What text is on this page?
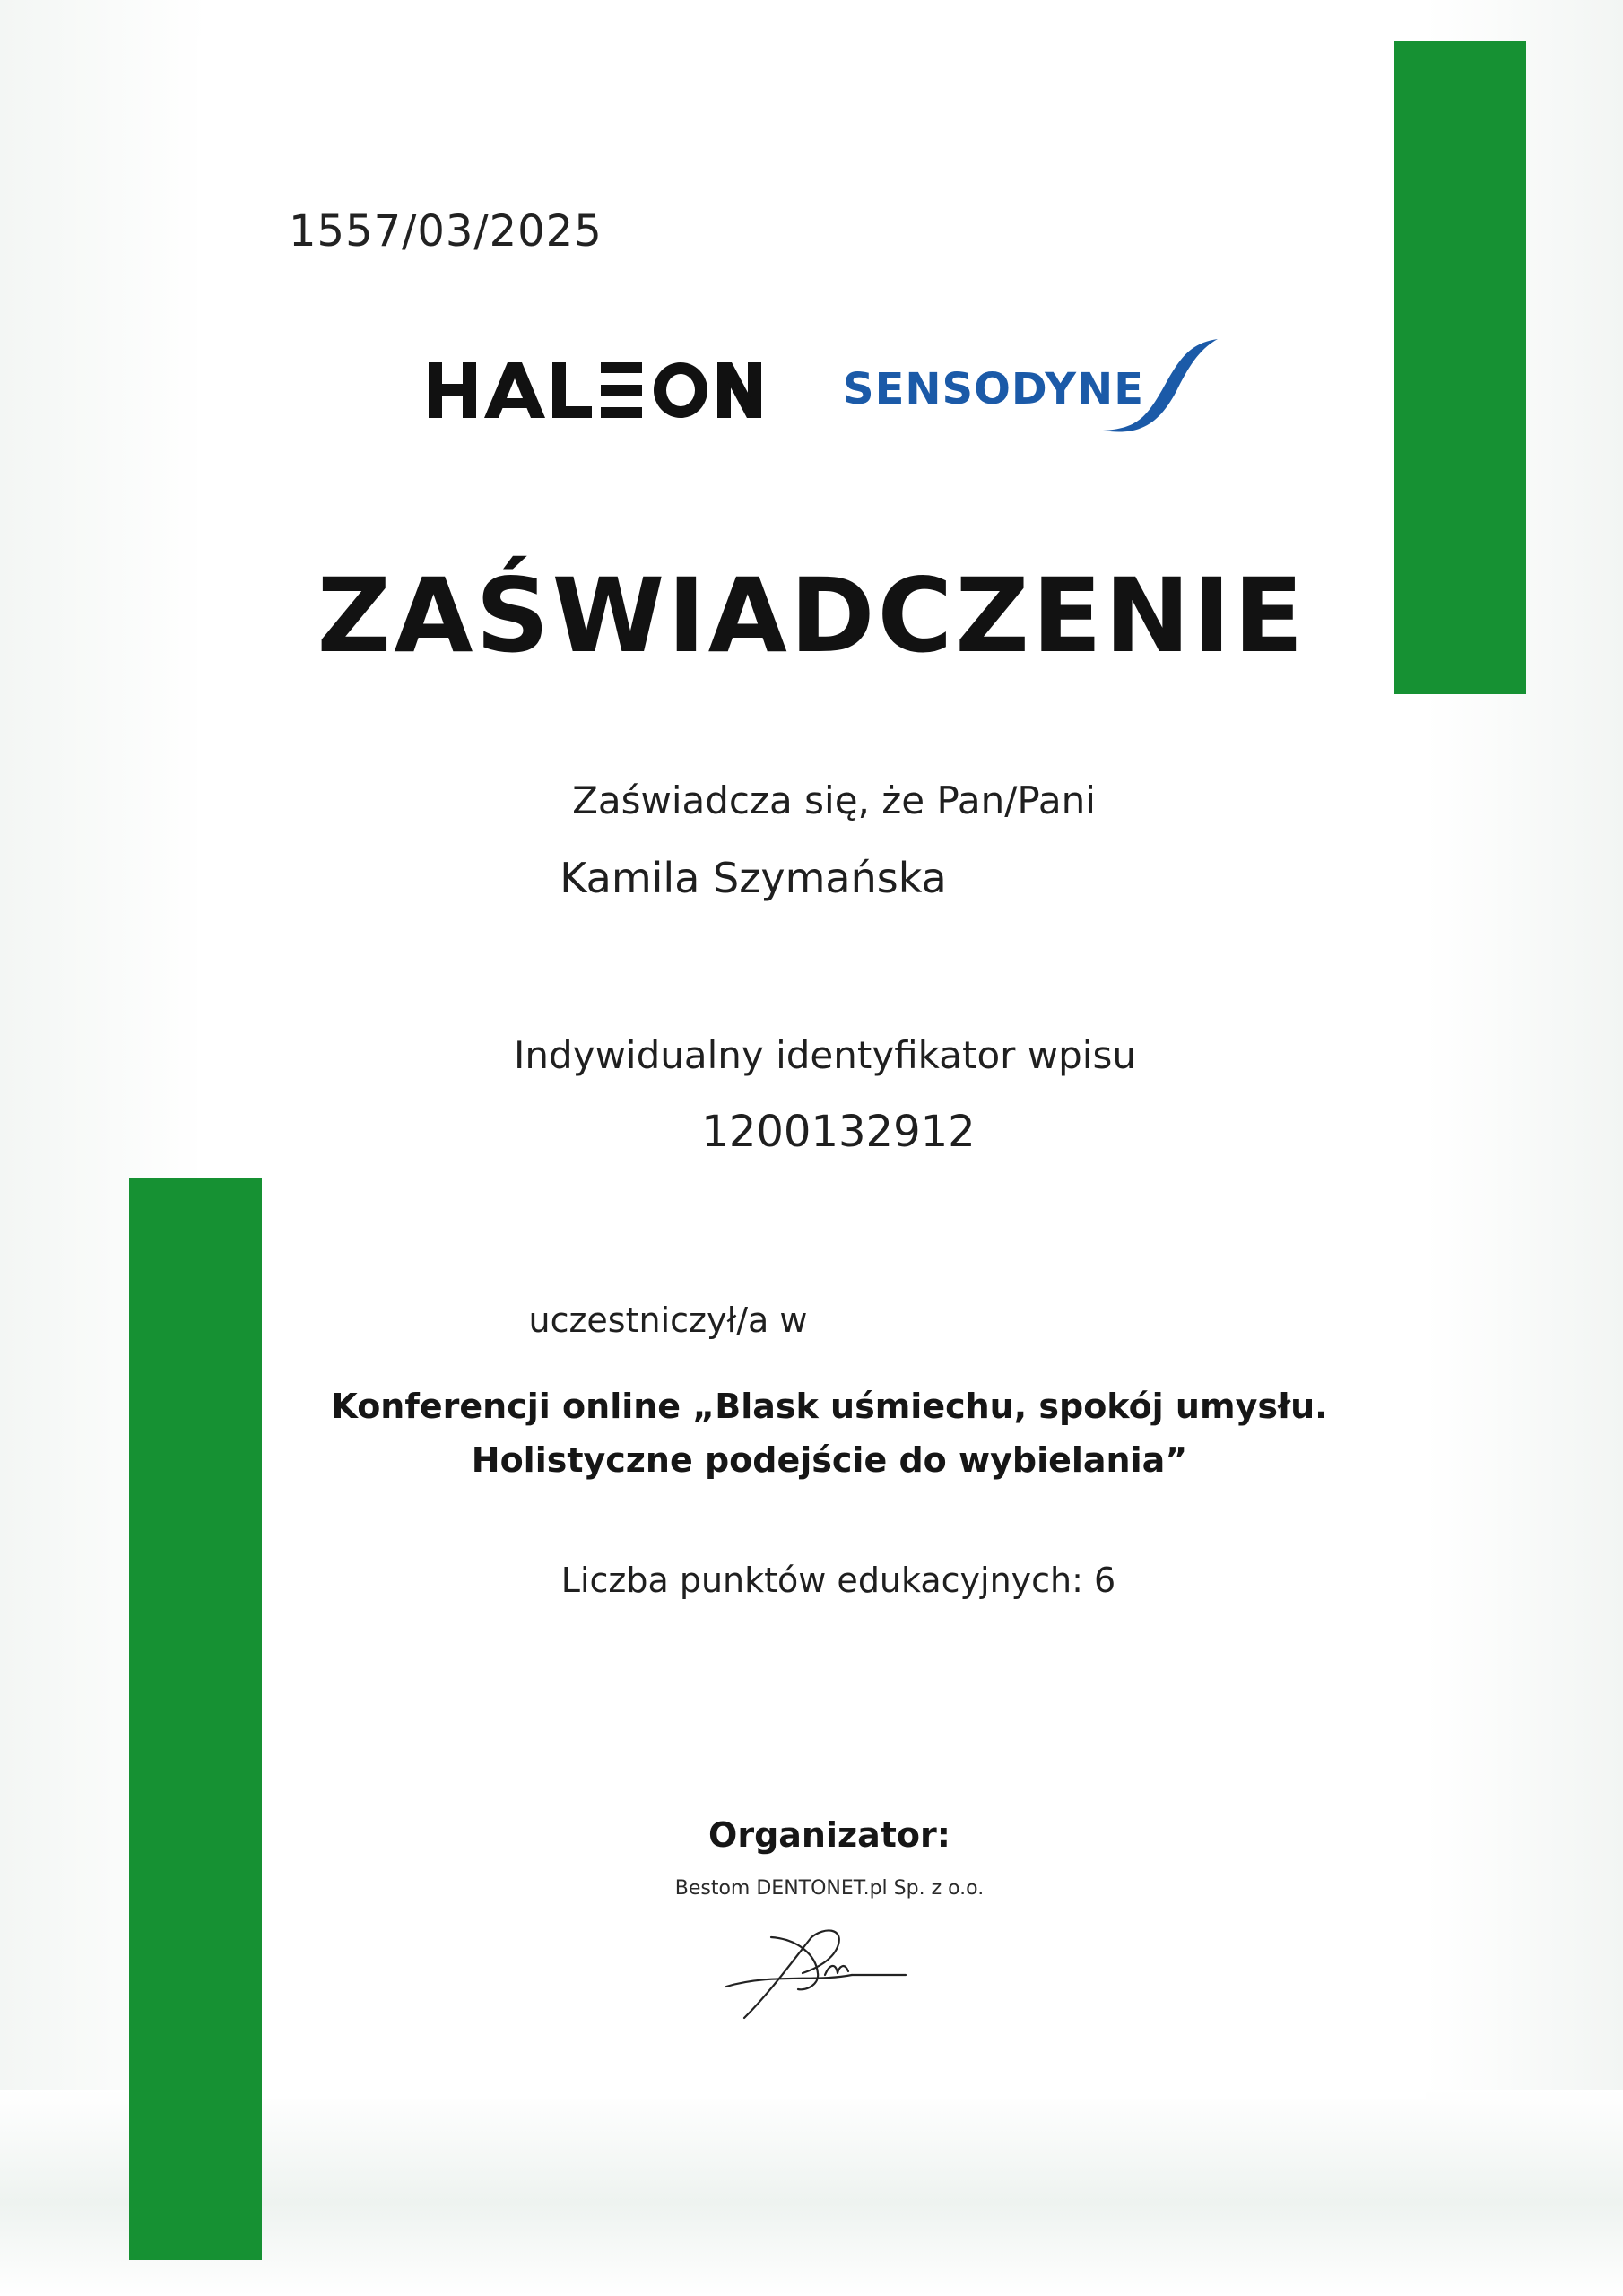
1557/03/2025
SENSODYNE
ZAŚWIADCZENIE
Zaświadcza się, że Pan/Pani
Kamila Szymańska
Indywidualny identyfikator wpisu
1200132912
uczestniczył/a w
Konferencji online „Blask uśmiechu, spokój umysłu.
Holistyczne podejście do wybielania”
Liczba punktów edukacyjnych: 6
Organizator:
Bestom DENTONET.pl Sp. z o.o.
